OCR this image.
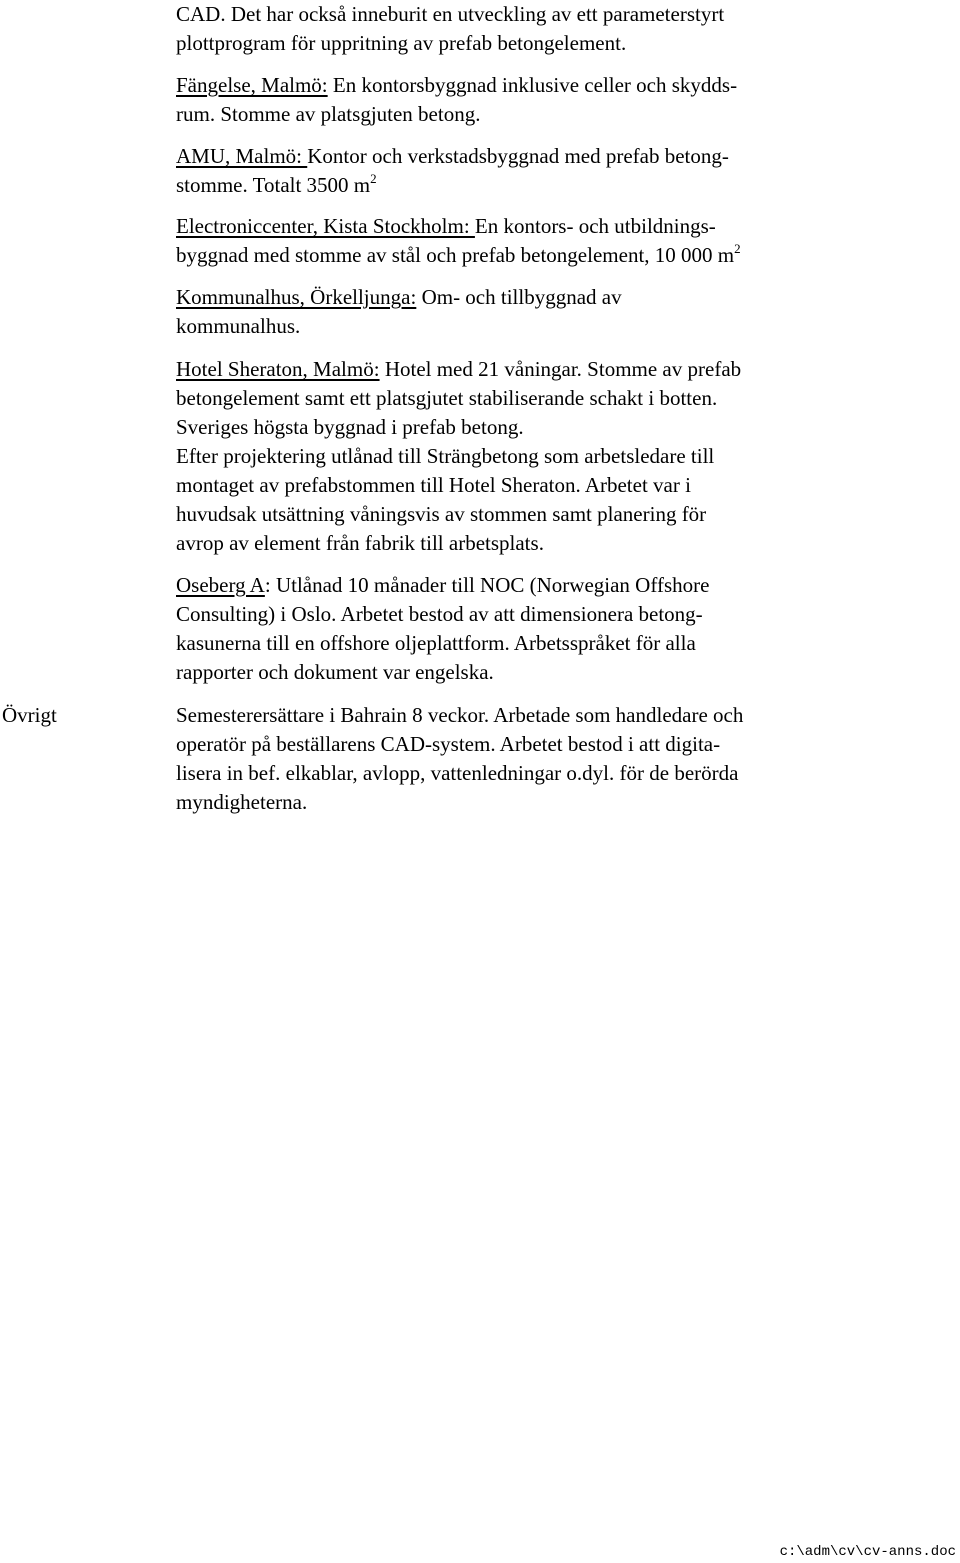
CAD. Det har också inneburit en utveckling av ett parameterstyrt
plottprogram för uppritning av prefab betongelement.
Fängelse, Malmö: En kontorsbyggnad inklusive celler och skydds-
rum. Stomme av platsgjuten betong.
AMU, Malmö: Kontor och verkstadsbyggnad med prefab betong-
stomme. Totalt 3500 $m^2$
Electroniccenter, Kista Stockholm: En kontors- och utbildnings-
byggnad med stomme av stål och prefab betongelement, 10 000 $m^2$
Kommunalhus, Örkelljunga: Om- och tillbyggnad av
kommunalhus.
Hotel Sheraton, Malmö: Hotel med 21 våningar. Stomme av prefab
betongelement samt ett platsgjutet stabiliserande schakt i botten.
Sveriges högsta byggnad i prefab betong.
Efter projektering utlånad till Strängbetong som arbetsledare till
montaget av prefabstommen till Hotel Sheraton. Arbetet var i
huvudsak utsättning våningsvis av stommen samt planering för
avrop av element från fabrik till arbetsplats.
Oseberg A: Utlånad 10 månader till NOC (Norwegian Offshore
Consulting) i Oslo. Arbetet bestod av att dimensionera betong-
kasunerna till en offshore oljeplattform. Arbetsspråket för alla
rapporter och dokument var engelska.
Semesterersättare i Bahrain 8 veckor. Arbetade som handledare och
operatör på beställarens CAD-system. Arbetet bestod i att digita-
lisera in bef. elkablar, avlopp, vattenledningar o.dyl. för de berörda
myndigheterna.
Övrigt
c:\adm\cv\cv-anns.doc
